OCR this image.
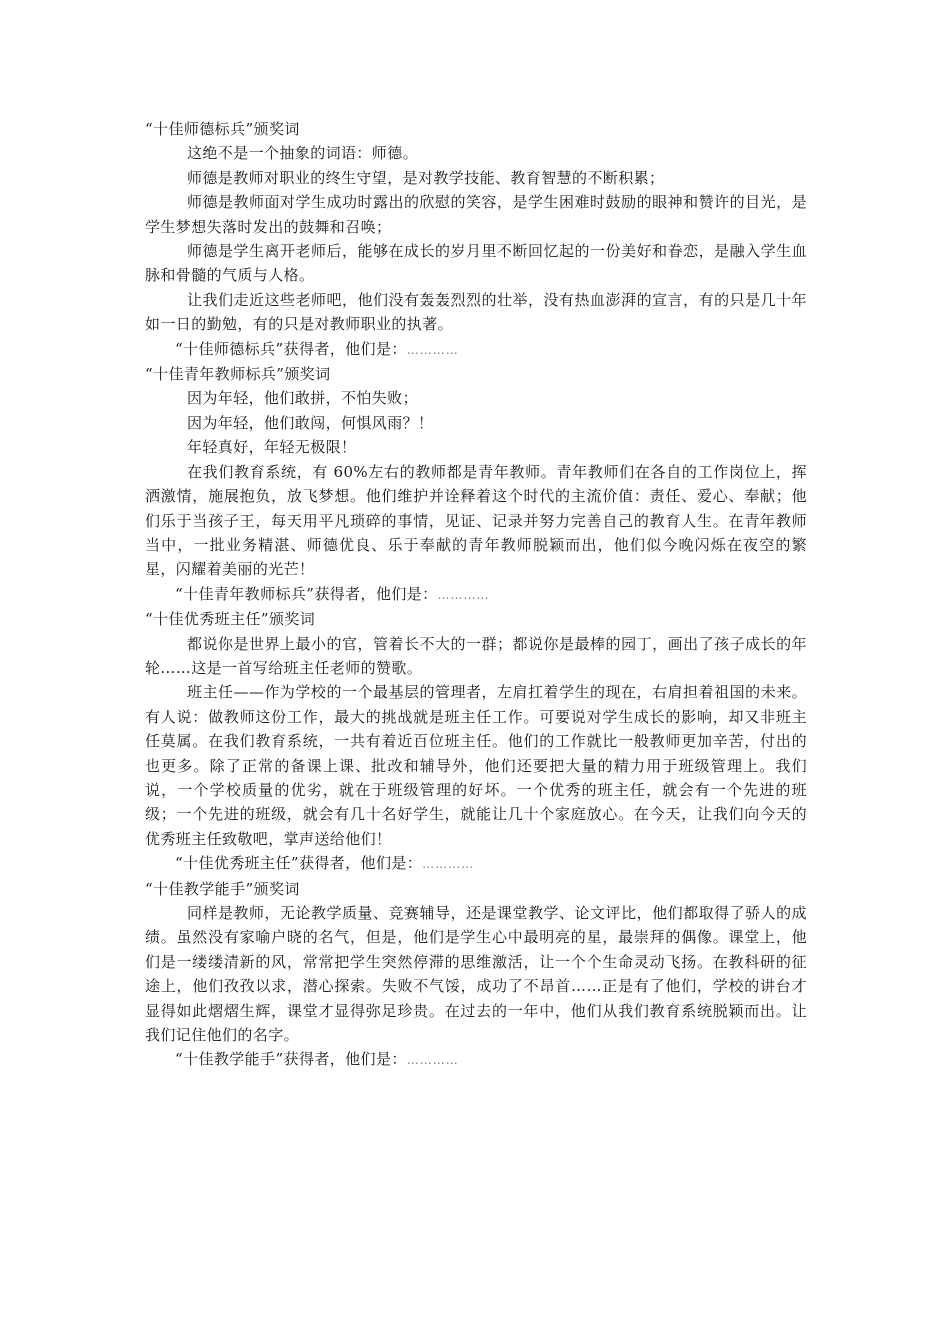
“十佳师德标兵”颁奖词
这绝不是一个抽象的词语：师德。
师德是教师对职业的终生守望，是对教学技能、教育智慧的不断积累；
师德是教师面对学生成功时露出的欣慰的笑容，是学生困难时鼓励的眼神和赞许的目光，是学生梦想失落时发出的鼓舞和召唤；
师德是学生离开老师后，能够在成长的岁月里不断回忆起的一份美好和眷恋，是融入学生血脉和骨髓的气质与人格。
让我们走近这些老师吧，他们没有轰轰烈烈的壮举，没有热血澎湃的宣言，有的只是几十年如一日的勤勉，有的只是对教师职业的执著。
“十佳师德标兵”获得者，他们是：…………
“十佳青年教师标兵”颁奖词
因为年轻，他们敢拼，不怕失败；
因为年轻，他们敢闯，何惧风雨？！
年轻真好，年轻无极限！
在我们教育系统，有 60%左右的教师都是青年教师。青年教师们在各自的工作岗位上，挥洒激情，施展抱负，放飞梦想。他们维护并诠释着这个时代的主流价值：责任、爱心、奉献；他们乐于当孩子王，每天用平凡琐碎的事情，见证、记录并努力完善自己的教育人生。在青年教师当中，一批业务精湛、师德优良、乐于奉献的青年教师脱颖而出，他们似今晚闪烁在夜空的繁星，闪耀着美丽的光芒！
“十佳青年教师标兵”获得者，他们是：…………
“十佳优秀班主任”颁奖词
都说你是世界上最小的官，管着长不大的一群；都说你是最棒的园丁，画出了孩子成长的年轮……这是一首写给班主任老师的赞歌。
班主任——作为学校的一个最基层的管理者，左肩扛着学生的现在，右肩担着祖国的未来。有人说：做教师这份工作，最大的挑战就是班主任工作。可要说对学生成长的影响，却又非班主任莫属。在我们教育系统，一共有着近百位班主任。他们的工作就比一般教师更加辛苦，付出的也更多。除了正常的备课上课、批改和辅导外，他们还要把大量的精力用于班级管理上。我们说，一个学校质量的优劣，就在于班级管理的好坏。一个优秀的班主任，就会有一个先进的班级；一个先进的班级，就会有几十名好学生，就能让几十个家庭放心。在今天，让我们向今天的优秀班主任致敬吧，掌声送给他们！
“十佳优秀班主任”获得者，他们是：…………
“十佳教学能手”颁奖词
同样是教师，无论教学质量、竞赛辅导，还是课堂教学、论文评比，他们都取得了骄人的成绩。虽然没有家喻户晓的名气，但是，他们是学生心中最明亮的星，最崇拜的偶像。课堂上，他们是一缕缕清新的风，常常把学生突然停滞的思维激活，让一个个生命灵动飞扬。在教科研的征途上，他们孜孜以求，潜心探索。失败不气馁，成功了不昂首……正是有了他们，学校的讲台才显得如此熠熠生辉，课堂才显得弥足珍贵。在过去的一年中，他们从我们教育系统脱颖而出。让我们记住他们的名字。
“十佳教学能手”获得者，他们是：…………
